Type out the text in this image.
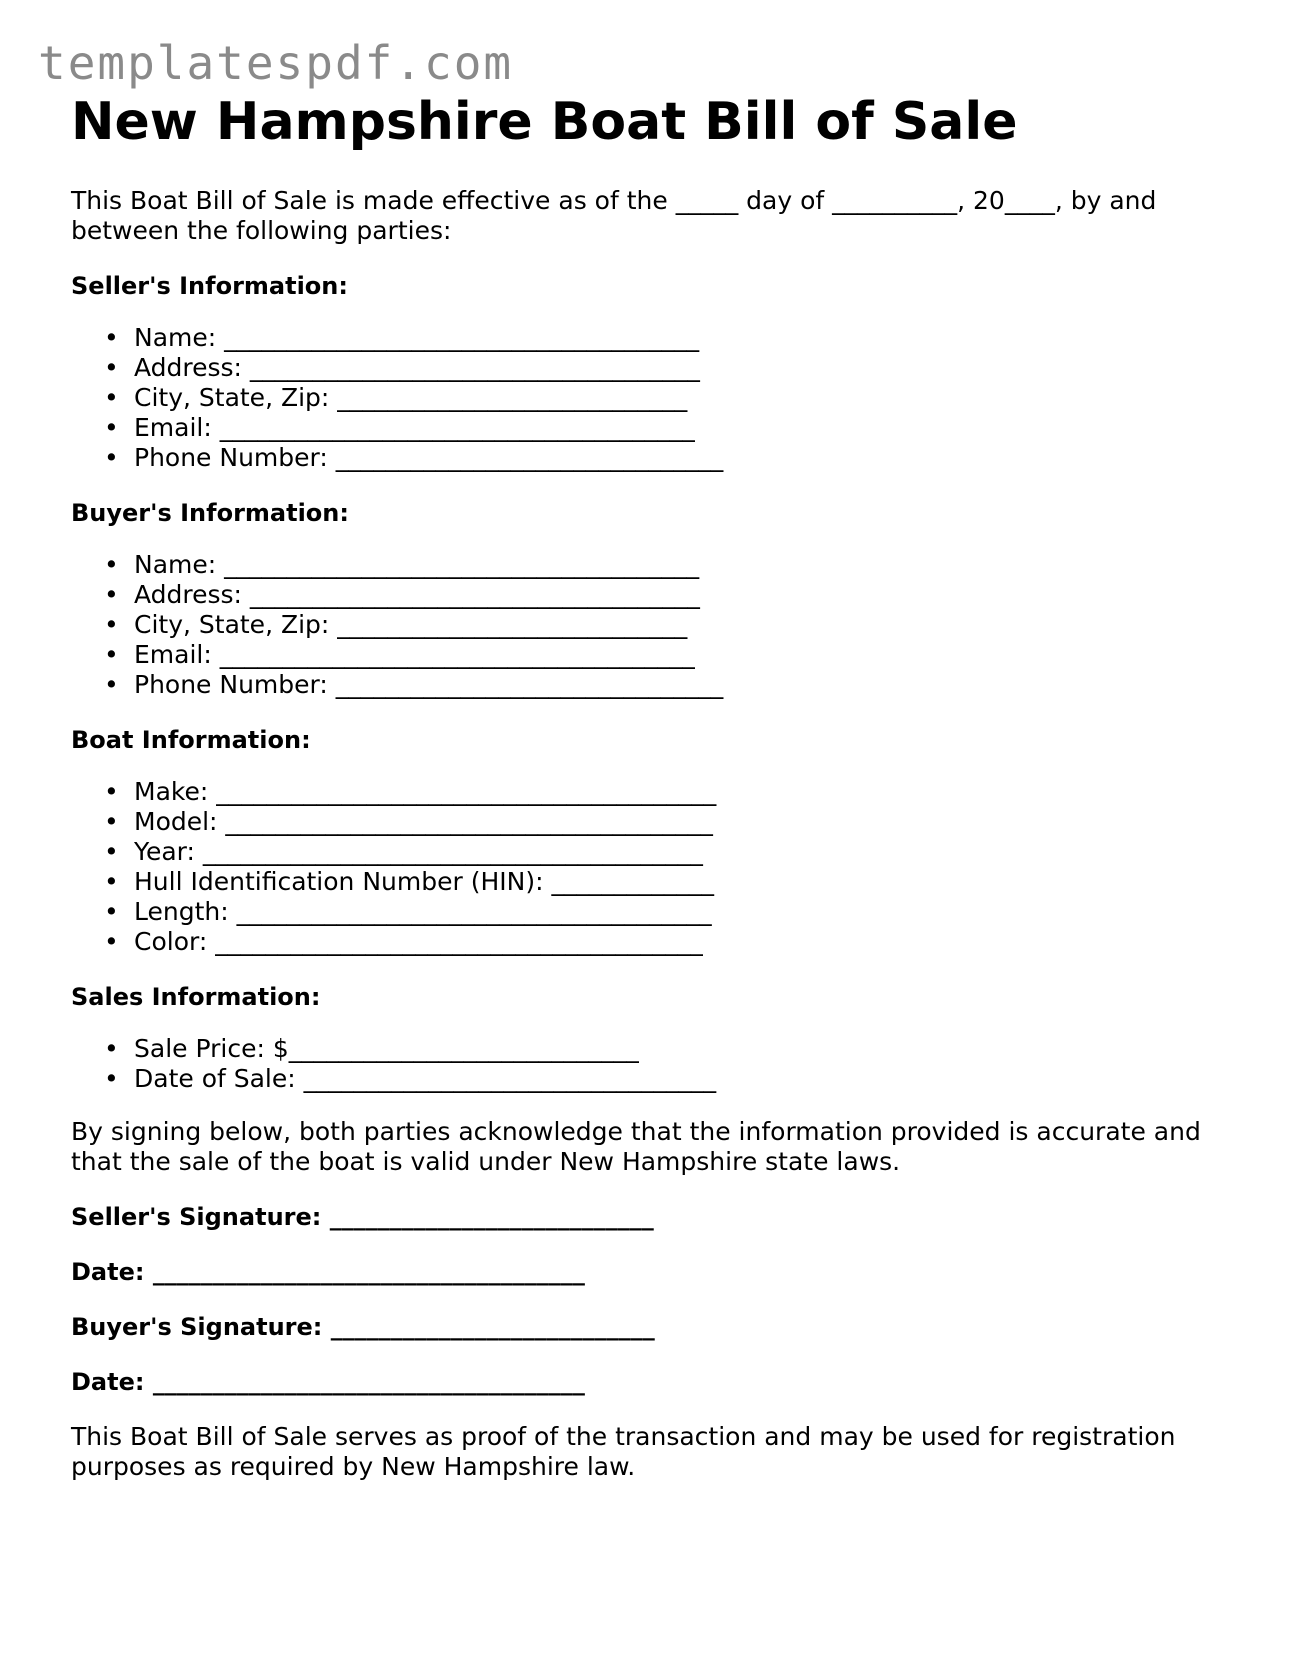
templatespdf.com
New Hampshire Boat Bill of Sale

This Boat Bill of Sale is made effective as of the _____ day of __________, 20____, by and
between the following parties:

Seller's Information:
• Name: ______________________________________
• Address: ____________________________________
• City, State, Zip: ____________________________
• Email: ______________________________________
• Phone Number: _______________________________
Buyer's Information:
• Name: ______________________________________
• Address: ____________________________________
• City, State, Zip: ____________________________
• Email: ______________________________________
• Phone Number: _______________________________
Boat Information:
• Make: ________________________________________
• Model: _______________________________________
• Year: ________________________________________
• Hull Identification Number (HIN): _____________
• Length: ______________________________________
• Color: _______________________________________
Sales Information:
• Sale Price: $____________________________
• Date of Sale: _________________________________

By signing below, both parties acknowledge that the information provided is accurate and
that the sale of the boat is valid under New Hampshire state laws.

Seller's Signature: ___________________________
Date: ____________________________________
Buyer's Signature: ___________________________
Date: ____________________________________

This Boat Bill of Sale serves as proof of the transaction and may be used for registration
purposes as required by New Hampshire law.
